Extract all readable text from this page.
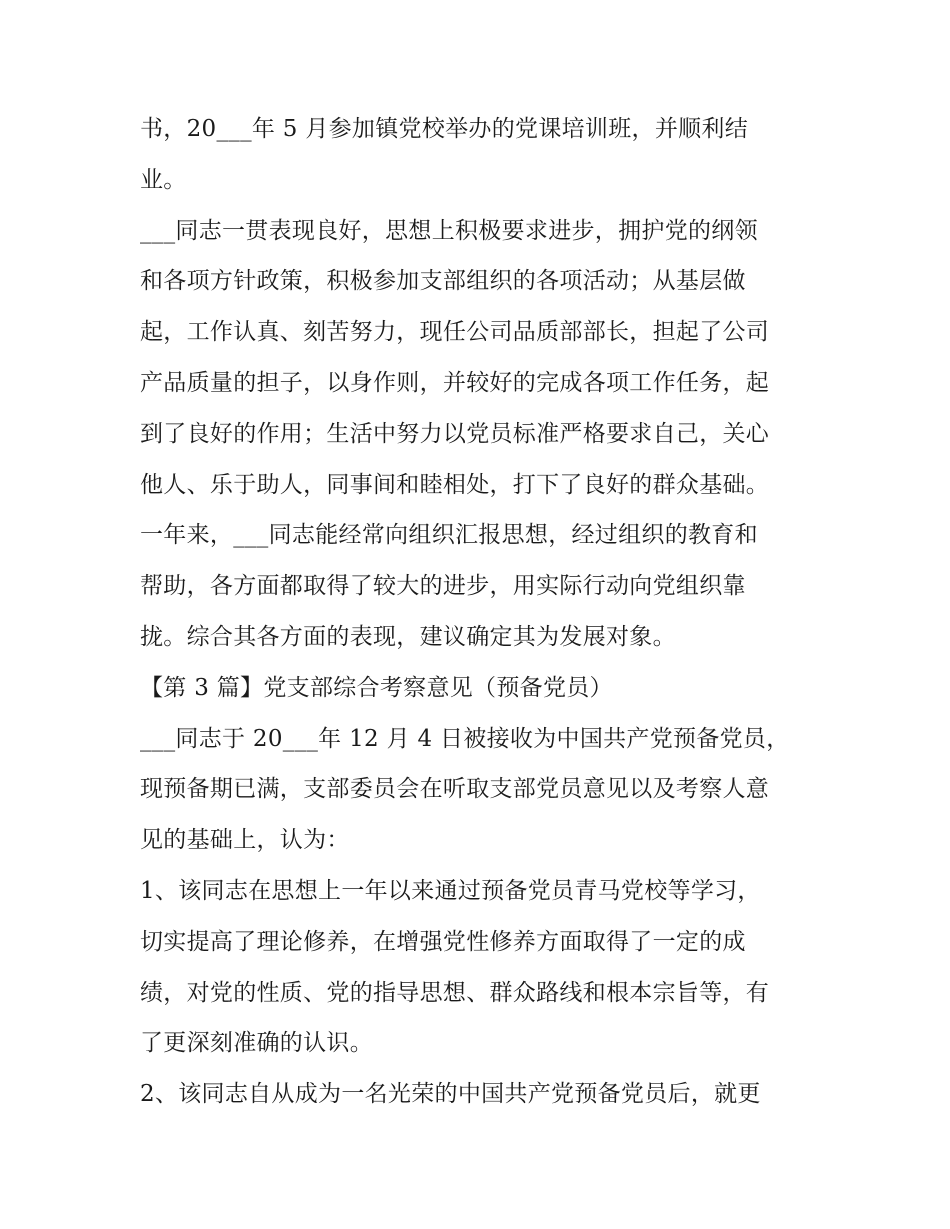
书，20___年 5 月参加镇党校举办的党课培训班，并顺利结

业。

___同志一贯表现良好，思想上积极要求进步，拥护党的纲领

和各项方针政策，积极参加支部组织的各项活动；从基层做

起，工作认真、刻苦努力，现任公司品质部部长，担起了公司

产品质量的担子，以身作则，并较好的完成各项工作任务，起

到了良好的作用；生活中努力以党员标准严格要求自己，关心

他人、乐于助人，同事间和睦相处，打下了良好的群众基础。

一年来，___同志能经常向组织汇报思想，经过组织的教育和

帮助，各方面都取得了较大的进步，用实际行动向党组织靠

拢。综合其各方面的表现，建议确定其为发展对象。

【第 3 篇】党支部综合考察意见（预备党员）

___同志于 20___年 12 月 4 日被接收为中国共产党预备党员，

现预备期已满，支部委员会在听取支部党员意见以及考察人意

见的基础上，认为：

1、该同志在思想上一年以来通过预备党员青马党校等学习，

切实提高了理论修养，在增强党性修养方面取得了一定的成

绩，对党的性质、党的指导思想、群众路线和根本宗旨等，有

了更深刻准确的认识。

2、该同志自从成为一名光荣的中国共产党预备党员后，就更
